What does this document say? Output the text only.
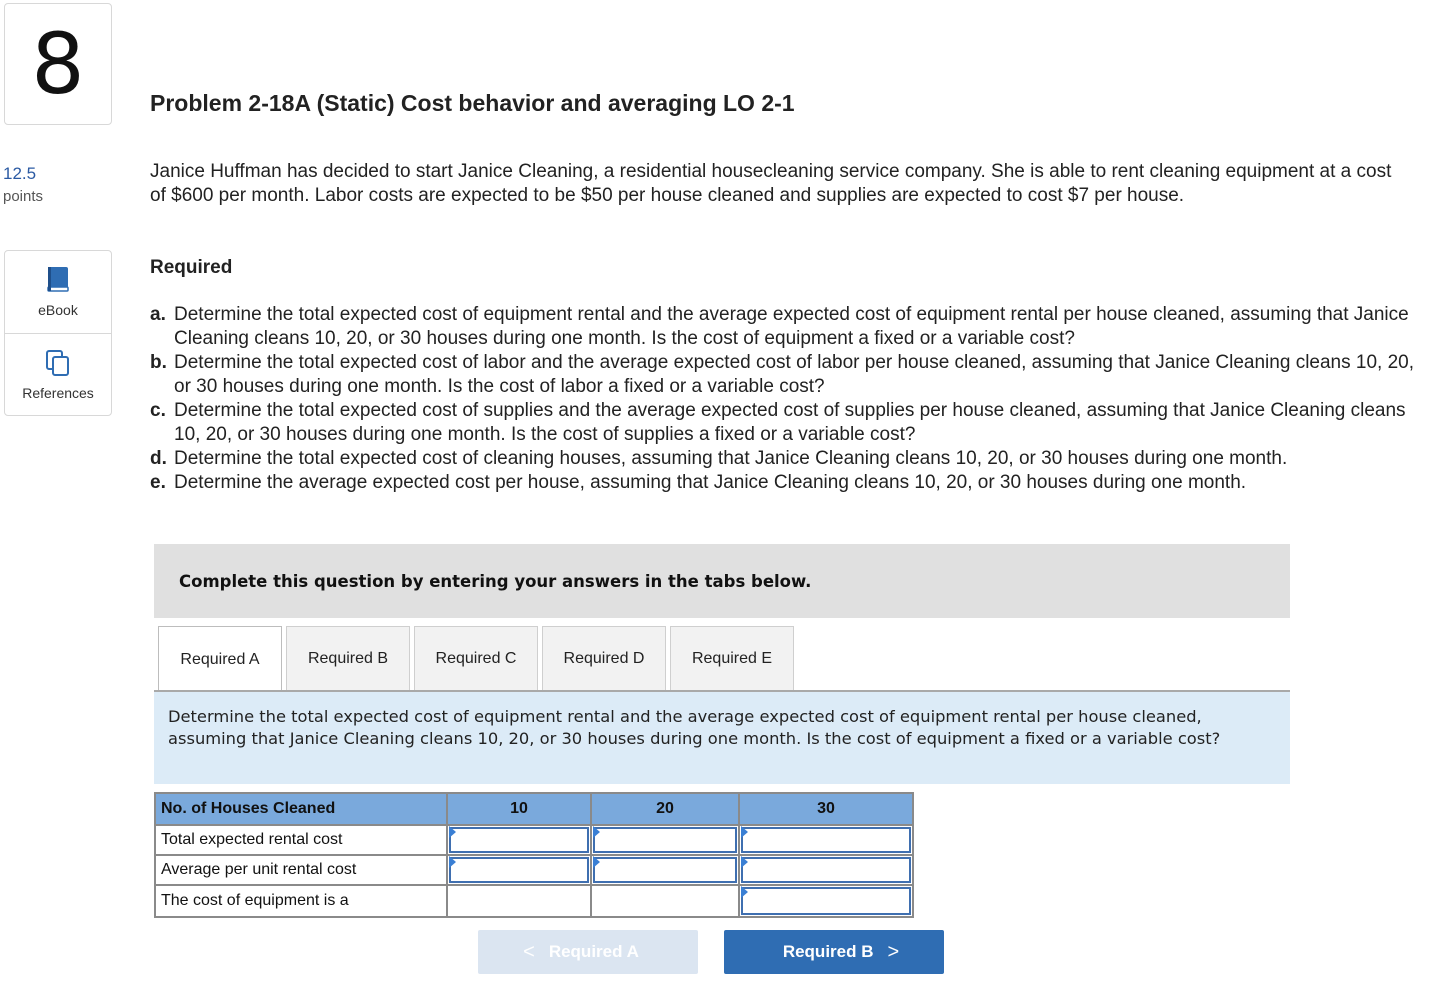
8	Problem 2-18A (Static) Cost behavior and averaging LO 2-1
12.5
points
eBook
References
Janice Huffman has decided to start Janice Cleaning, a residential housecleaning service company. She is able to rent cleaning equipment at a cost of $600 per month. Labor costs are expected to be $50 per house cleaned and supplies are expected to cost $7 per house.
Required
a. Determine the total expected cost of equipment rental and the average expected cost of equipment rental per house cleaned, assuming that Janice Cleaning cleans 10, 20, or 30 houses during one month. Is the cost of equipment a fixed or a variable cost?
b. Determine the total expected cost of labor and the average expected cost of labor per house cleaned, assuming that Janice Cleaning cleans 10, 20, or 30 houses during one month. Is the cost of labor a fixed or a variable cost?
c. Determine the total expected cost of supplies and the average expected cost of supplies per house cleaned, assuming that Janice Cleaning cleans 10, 20, or 30 houses during one month. Is the cost of supplies a fixed or a variable cost?
d. Determine the total expected cost of cleaning houses, assuming that Janice Cleaning cleans 10, 20, or 30 houses during one month.
e. Determine the average expected cost per house, assuming that Janice Cleaning cleans 10, 20, or 30 houses during one month.
Complete this question by entering your answers in the tabs below.
Required A	Required B	Required C	Required D	Required E
Determine the total expected cost of equipment rental and the average expected cost of equipment rental per house cleaned, assuming that Janice Cleaning cleans 10, 20, or 30 houses during one month. Is the cost of equipment a fixed or a variable cost?
No. of Houses Cleaned	10	20	30
Total expected rental cost	

Average per unit rental cost	

The cost of equipment is a			
< Required A	Required B >
